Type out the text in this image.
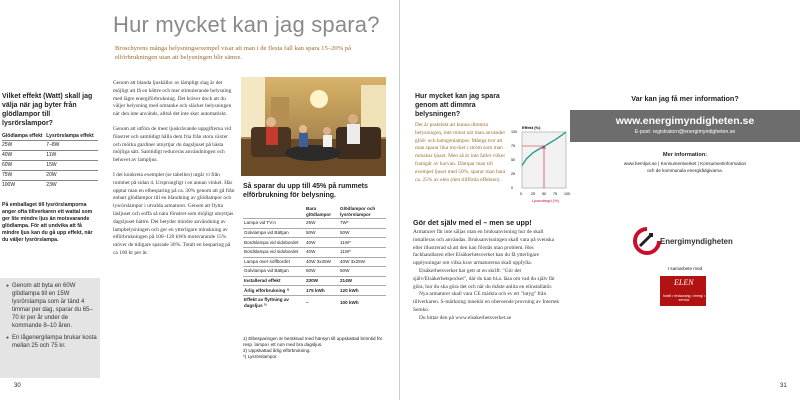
Hur mycket kan jag spara?
Broschyrens många belysningsexempel visar att man i de flesta fall kan spara 15–20% på elförbrukningen utan att belysningen blir sämre.
Vilket effekt (Watt) skall jag välja när jag byter från glödlampor till lysrörslampor?
Glödlampa effekt	Lysrörslampa effekt
25W	7–8W
40W	11W
60W	15W
75W	20W
100W	23W
På emballaget till lysrörslamporna anger ofta tillverkaren ett wattal som ger lite mindre ljus än motsvarande glödlampa. För att undvika att få mindre ljus kan du gå upp effekt, när du väljer lysrörslampa.
● Genom att byta en 60W glödlampa till en 15W lysrörslampa som är tänd 4 timmar per dag, sparar du 65–70 kr per år under de kommande 8–10 åren.
● En lågenergilampa brukar kosta mellan 25 och 75 kr.

Genom att blanda ljuskällor av lämpligt slag är det möjligt att få en bättre och mer stimulerande belysning med lägre energiförbrukning. Det kräver dock att du väljer belysning med omtanke och släcker belysningen när den inte används, alltså det inte sker automatiskt.

Genom att utföra de mest ljuskrävande uppgifterna vid fönstret och samtidigt hålla dem fria från stora växter och mörka gardiner utnyttjar du dagsljuset på bästa möjliga sätt. Samtidigt reduceras användningen och behovet av lampljus.

I det konkreta exemplet (se tabellen) utgår vi från rummet på sidan 4. Ursprungligt i en annan vinkel. Här upptar man en elbesparing på ca. 30% genom att gå från enbart glödlampor till en blandning av glödlampor och lysrörslampor i utvalda armaturer. Genom att flytta läsljuset och soffa så nära fönstret som möjligt utnyttjas dagsljuset bättre. Det betyder mindre användning av lampbelysningen och ger en ytterligare minskning av elförbrukningen på 100–120 kWh motsvarande 15% utöver de tidigare sparade 30%. Totalt en besparing på ca 100 kr per år.

Så sparar du upp till 45% på rummets elförbrukning för belysning.
	Bara glödlampor	Glödlampor och lysrörslampor
Lampa vid TV:n	25W	7W*
Golvlampa vid Bättjan	50W	50W
Bordslampa vid sidobordet	40W	11W*
Bordslampa vid sidobordet	40W	11W*
Lampa över soffbordet	40W 3x25W	40W 3x25W
Golvlampa vid Bättjan	50W	50W
Installerad effekt	230W	214W
Årlig elförbrukning ¹⁾	175 kWh	120 kWh
Effekt av flyttning av dagsljus ²⁾	–	100 kWh
1) Elbesparingen är beräknad med hänsyn till uppskattad brinntid för resp. lampa i ett rum med bra dagsljus.
2) Uppskattad årlig elförbrukning.
*) Lysrörslampor.
30
Hur mycket kan jag spara genom att dimmra belysningen?
Det är praktiskt att kunna dimmra belysningen, inte minst när man använder glöd- och halogenlampor. Många tror att man sparar lika mycket i ström som man minskar ljuset. Men så är inte fallet vilket framgår av kurvan. Dämpar man till exempel ljuset med 50%, sparar man bara ca. 25% av elen (den tillförda effekten).
Effekt (%)
Ljusmängd (%)
0	25 50 75 100
0
25
50
75
100
Gör det själv med el – men se upp!

Armaturer får inte säljas utan en bruksanvisning hur de skall installeras och användas. Bruksanvisningen skall vara på svenska eller illustrerad så att den kan förstås utan problem. Hos fackhandlaren eller Elsäkerhetsverket kan du få ytterligare upplysningar om vilka krav armaturerna skall uppfylla.

Elsäkerhetsverket har gett ut en skrift: "Gör det själv/Elsäkerhetspocket", där du kan bl.a. läsa om vad du själv får göra, hur du ska göra det och när du måste anlita en elinstallatör.

Nya armaturer skall vara CE märkta och ev ett "intyg" från tillverkaren. S-märkning innebär en oberoende provning av Intertek Semko.

Du hittar den på www.elsakerhetsverket.se

Var kan jag få mer information?
www.energimyndigheten.se
E-post: registratorn@energimyndigheten.se
Mer information:
www.hemljus.se | Konsumentverket | Konsumentinformation
och de kommunala energirådgivarna.
Energimyndigheten
I samarbete med
ELEN
hotell • restaurang • energi • service
31
